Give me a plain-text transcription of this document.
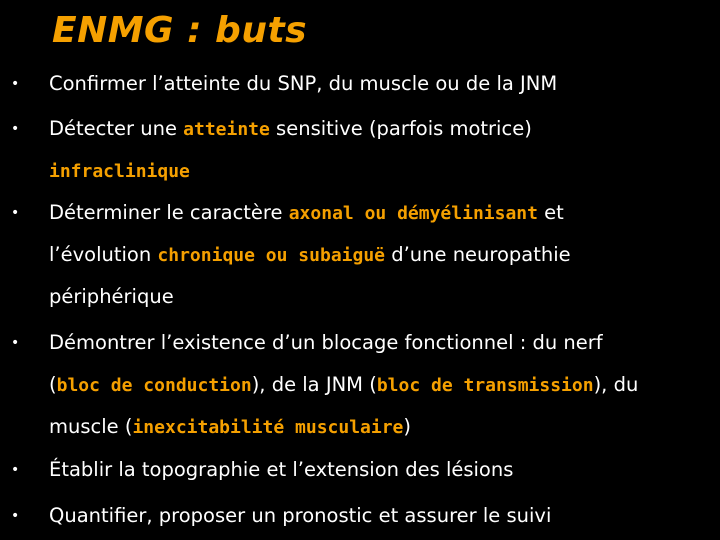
ENMG : buts
• Confirmer l’atteinte du SNP, du muscle ou de la JNM
• Détecter une atteinte sensitive (parfois motrice)
infraclinique
• Déterminer le caractère axonal ou démyélinisant et
l’évolution chronique ou subaiguë d’une neuropathie
périphérique
• Démontrer l’existence d’un blocage fonctionnel : du nerf
(bloc de conduction), de la JNM (bloc de transmission), du
muscle (inexcitabilité musculaire)
• Établir la topographie et l’extension des lésions
• Quantifier, proposer un pronostic et assurer le suivi
